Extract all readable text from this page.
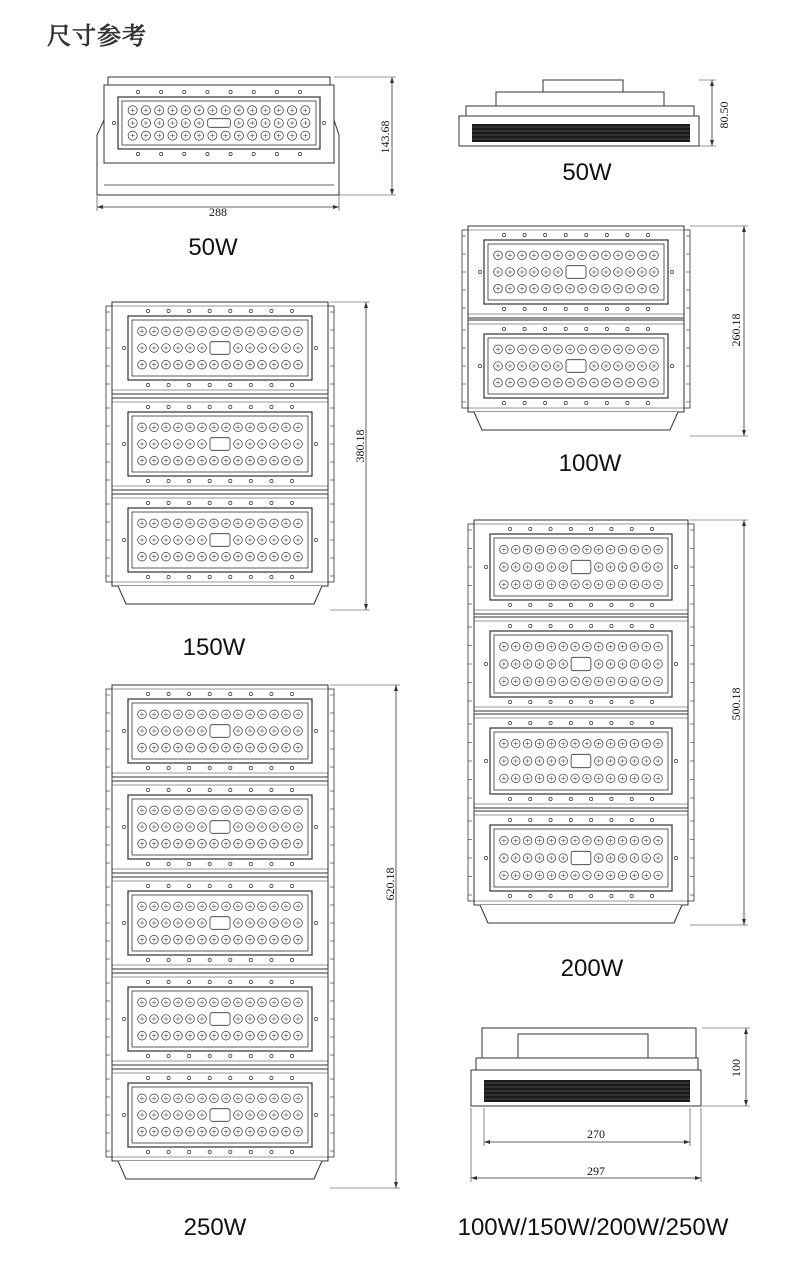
尺寸参考
50W
50W
100W
150W
200W
250W	100W/150W/200W/250W
288
143.68
80.50
260.18
380.18
500.18
620.18
100
270
297
